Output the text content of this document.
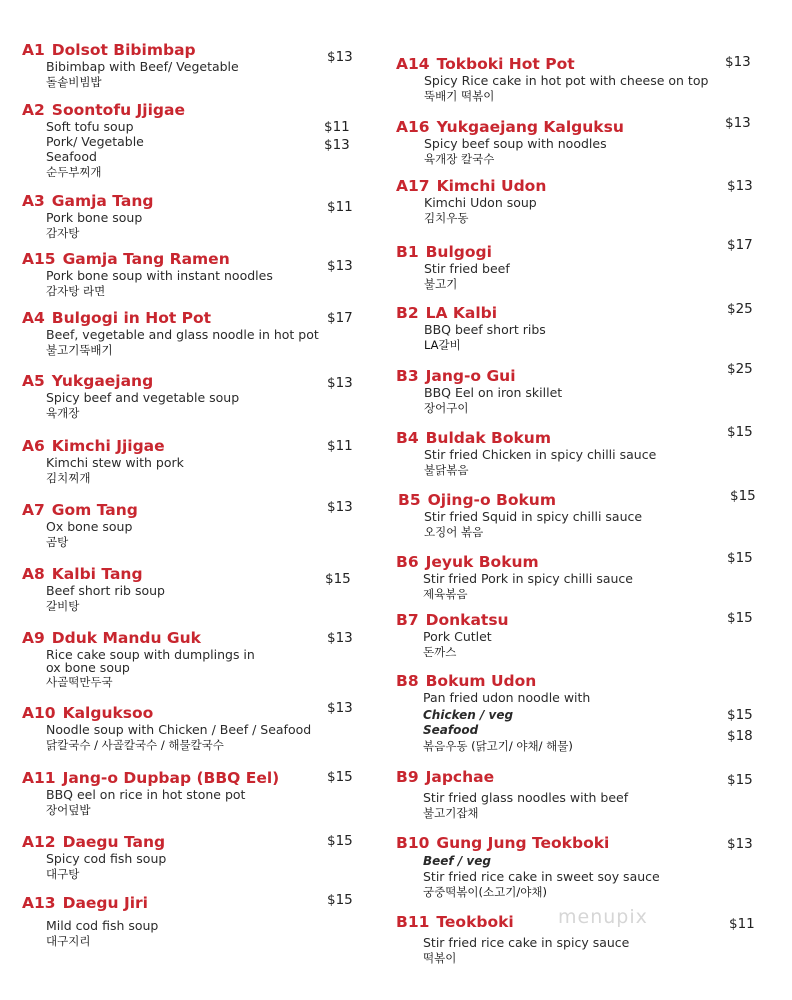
A1 Dolsot Bibimbap
Bibimbap with Beef/ Vegetable
돌솥비빔밥
$13
A2 Soontofu Jjigae
Soft tofu soup
Pork/ Vegetable
Seafood
순두부찌개
$11
$13
A3 Gamja Tang
Pork bone soup
감자탕
$11
A15 Gamja Tang Ramen
Pork bone soup with instant noodles
감자탕 라면
$13
A4 Bulgogi in Hot Pot
Beef, vegetable and glass noodle in hot pot
불고기뚝배기
$17
A5 Yukgaejang
Spicy beef and vegetable soup
육개장
$13
A6 Kimchi Jjigae
Kimchi stew with pork
김치찌개
$11
A7 Gom Tang
Ox bone soup
곰탕
$13
A8 Kalbi Tang
Beef short rib soup
갈비탕
$15
A9 Dduk Mandu Guk
Rice cake soup with dumplings in
ox bone soup
사골떡만두국
$13
A10 Kalguksoo
Noodle soup with Chicken / Beef / Seafood
닭칼국수 / 사골칼국수 / 해물칼국수
$13
A11 Jang-o Dupbap (BBQ Eel)
BBQ eel on rice in hot stone pot
장어덮밥
$15
A12 Daegu Tang
Spicy cod fish soup
대구탕
$15
A13 Daegu Jiri
Mild cod fish soup
대구지리
$15
A14 Tokboki Hot Pot
Spicy Rice cake in hot pot with cheese on top
뚝배기 떡볶이
$13
A16 Yukgaejang Kalguksu
Spicy beef soup with noodles
육개장 칼국수
$13
A17 Kimchi Udon
Kimchi Udon soup
김치우동
$13
B1 Bulgogi
Stir fried beef
불고기
$17
B2 LA Kalbi
BBQ beef short ribs
LA갈비
$25
B3 Jang-o Gui
BBQ Eel on iron skillet
장어구이
$25
B4 Buldak Bokum
Stir fried Chicken in spicy chilli sauce
불닭볶음
$15
B5 Ojing-o Bokum
Stir fried Squid in spicy chilli sauce
오징어 볶음
$15
B6 Jeyuk Bokum
Stir fried Pork in spicy chilli sauce
제육볶음
$15
B7 Donkatsu
Pork Cutlet
돈까스
$15
B8 Bokum Udon
Pan fried udon noodle with
Chicken / veg
Seafood
볶음우동 (닭고기/ 야채/ 해물)
$15
$18
B9 Japchae
Stir fried glass noodles with beef
불고기잡채
$15
B10 Gung Jung Teokboki
Beef / veg
Stir fried rice cake in sweet soy sauce
궁중떡볶이(소고기/야채)
$13
B11 Teokboki
Stir fried rice cake in spicy sauce
떡볶이
$11
menupix
